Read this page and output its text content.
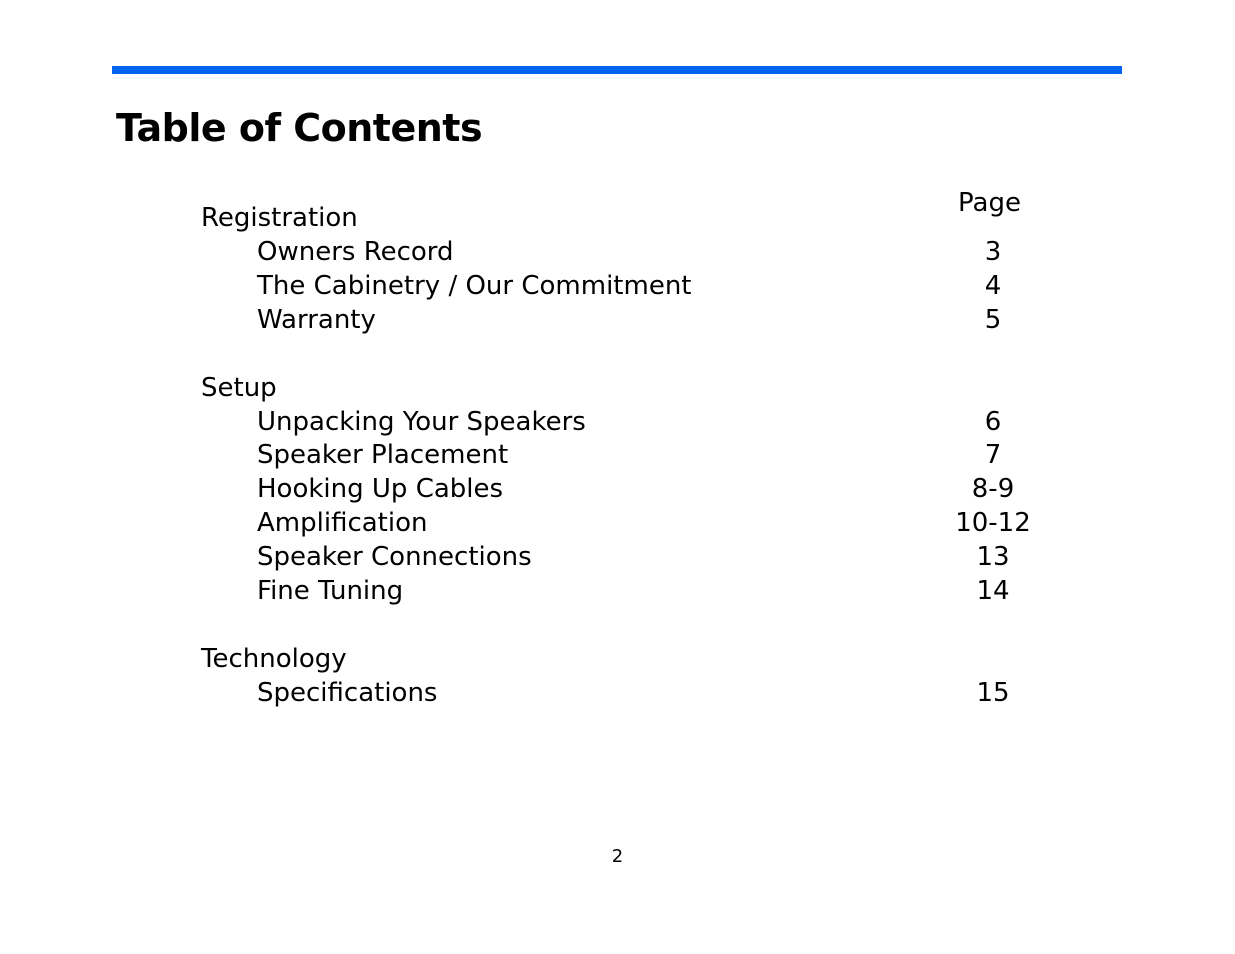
Table of Contents
Page
Registration
Owners Record	3
The Cabinetry / Our Commitment	4
Warranty	5
Setup
Unpacking Your Speakers	6
Speaker Placement	7
Hooking Up Cables	8-9
Amplification	10-12
Speaker Connections	13
Fine Tuning	14
Technology
Specifications	15
2
